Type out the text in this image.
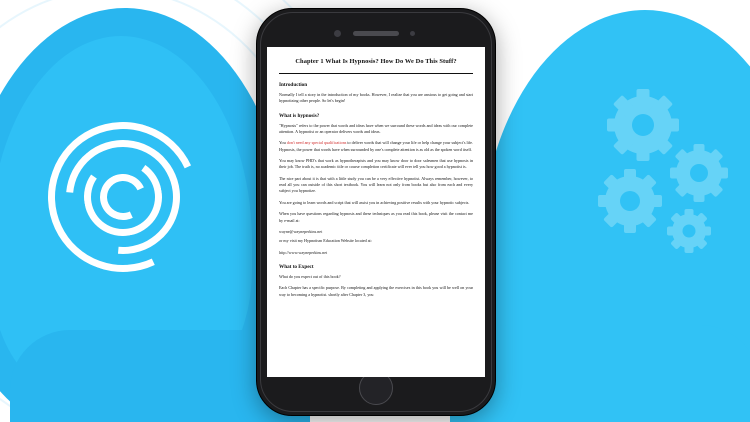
Chapter 1 What Is Hypnosis? How Do We Do This Stuff?
Introduction

Normally I tell a story in the introduction of my books. However, I realize that you are anxious to get going and start hypnotizing other people. So let's begin!

What is hypnosis?

"Hypnosis" refers to the power that words and ideas have when we surround these words and ideas with our complete attention. A hypnotist or an operator delivers words and ideas.

You don't need any special qualifications to deliver words that will change your life or help change your subject's life. Hypnosis, the power that words have when surrounded by one's complete attention is as old as the spoken word itself.

You may know PHD's that work as hypnotherapists and you may know door to door salesmen that use hypnosis in their job. The truth is, no academic title or course completion certificate will ever tell you how good a hypnotist is.

The nice part about it is that with a little study you can be a very effective hypnotist. Always remember, however, to read all you can outside of this short textbook. You will learn not only from books but also from each and every subject you hypnotize.

You are going to learn words and script that will assist you in achieving positive results with your hypnotic subjects.

When you have questions regarding hypnosis and these techniques as you read this book, please visit the contact me by e-mail at:

wayne@wayneperkins.net

or my visit my Hypnotism Education Website located at:

http://www.wayneperkins.net

What to Expect

What do you expect out of this book?

Each Chapter has a specific purpose. By completing and applying the exercises in this book you will be well on your way to becoming a hypnotist. shortly after Chapter 3, you
